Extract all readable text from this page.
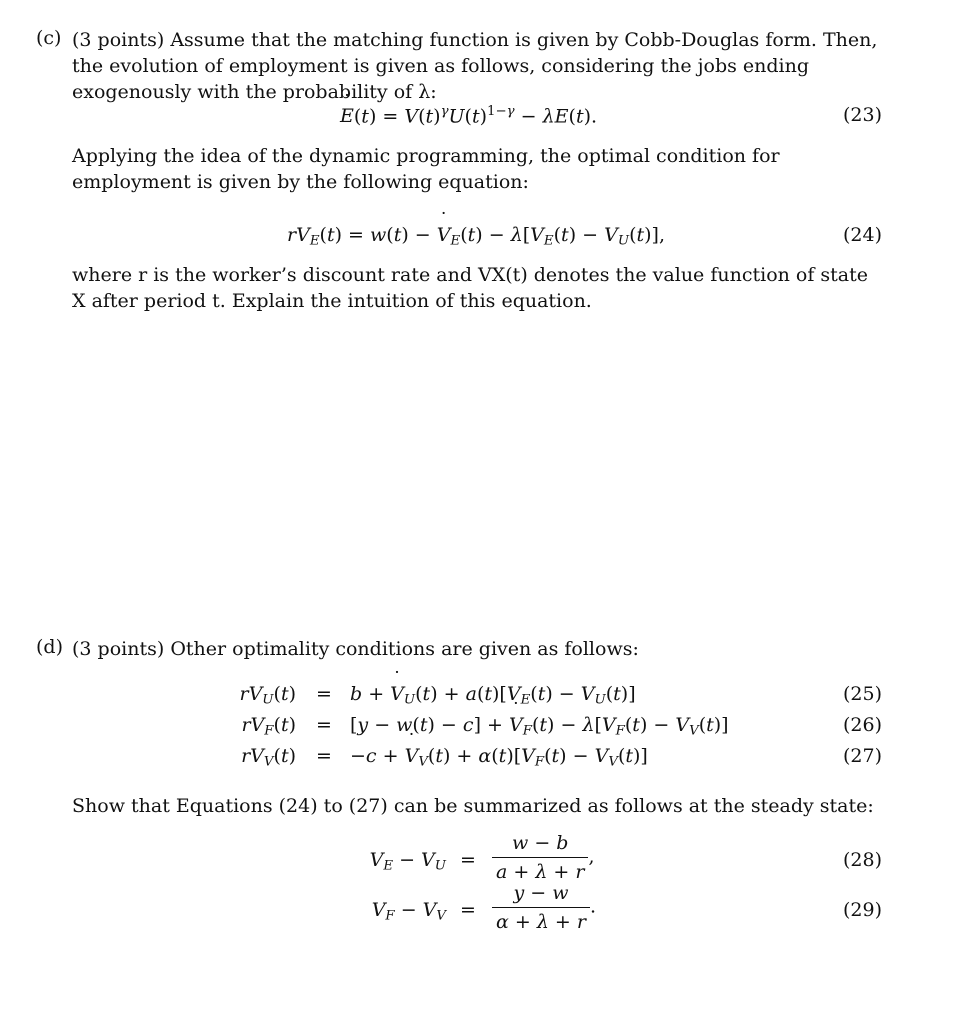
(c) (3 points) Assume that the matching function is given by Cobb-Douglas form. Then, the evolution of employment is given as follows, considering the jobs ending exogenously with the probability of λ:
˙ $E(t) = V(t)^\gamma U(t)^{1-\gamma} - \lambda E(t)$.	(23)
Applying the idea of the dynamic programming, the optimal condition for employment is given by the following equation:
$rV_E(t) = w(t)$ − ˙ $V_E(t) - \lambda[V_E(t) - V_U(t)]$,	(24)
where r is the worker’s discount rate and VX(t) denotes the value function of state X after period t. Explain the intuition of this equation.
(d) (3 points) Other optimality conditions are given as follows:
$rV_U(t) = b$ + ˙ $V_U(t) + a(t)[V_E(t) - V_U(t)]$	(25)
$rV_F(t) = [y - w(t) - c]$ + ˙ $V_F(t) - \lambda[V_F(t) - V_V(t)]$	(26)
$rV_V(t) = -c$ + ˙ $V_V(t) + \alpha(t)[V_F(t) - V_V(t)]$	(27)
Show that Equations (24) to (27) can be summarized as follows at the steady state:
$V_E - V_U = \frac{w - b}{a + \lambda + r}$ ,	(28)
$V_F - V_V = \frac{y - w}{\alpha + \lambda + r}$ .	(29)
